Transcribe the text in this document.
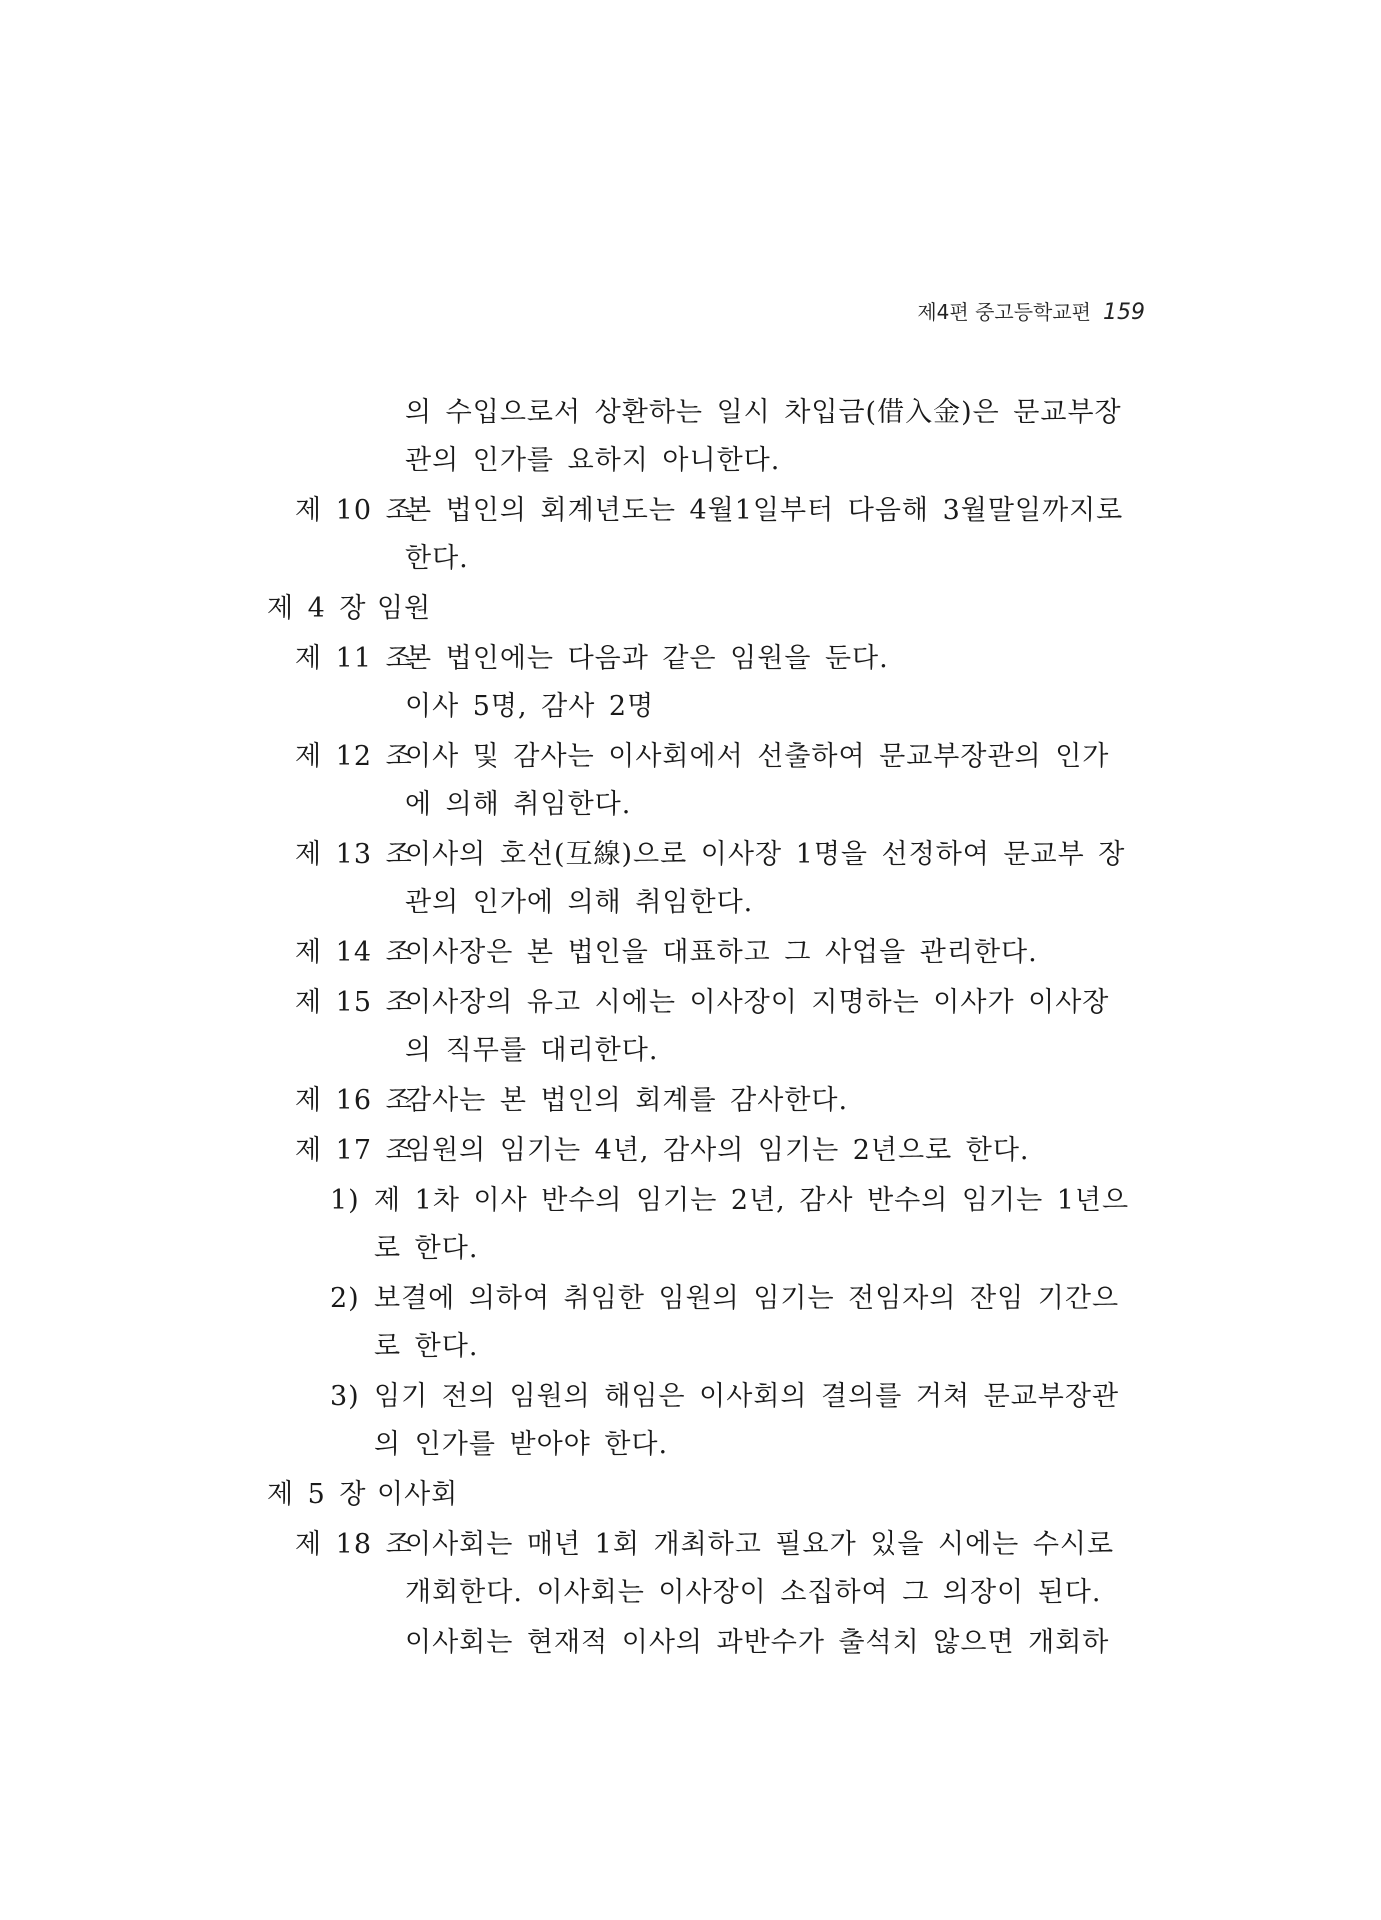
제4편 중고등학교편 159
의 수입으로서 상환하는 일시 차입금(借入金)은 문교부장
관의 인가를 요하지 아니한다.
제 10 조본 법인의 회계년도는 4월1일부터 다음해 3월말일까지로
한다.
제 4 장 임원
제 11 조본 법인에는 다음과 같은 임원을 둔다.
이사 5명, 감사 2명
제 12 조이사 및 감사는 이사회에서 선출하여 문교부장관의 인가
에 의해 취임한다.
제 13 조이사의 호선(互線)으로 이사장 1명을 선정하여 문교부 장
관의 인가에 의해 취임한다.
제 14 조이사장은 본 법인을 대표하고 그 사업을 관리한다.
제 15 조이사장의 유고 시에는 이사장이 지명하는 이사가 이사장
의 직무를 대리한다.
제 16 조감사는 본 법인의 회계를 감사한다.
제 17 조임원의 임기는 4년, 감사의 임기는 2년으로 한다.
1) 제 1차 이사 반수의 임기는 2년, 감사 반수의 임기는 1년으
로 한다.
2) 보결에 의하여 취임한 임원의 임기는 전임자의 잔임 기간으
로 한다.
3) 임기 전의 임원의 해임은 이사회의 결의를 거쳐 문교부장관
의 인가를 받아야 한다.
제 5 장 이사회
제 18 조이사회는 매년 1회 개최하고 필요가 있을 시에는 수시로
개회한다. 이사회는 이사장이 소집하여 그 의장이 된다.
이사회는 현재적 이사의 과반수가 출석치 않으면 개회하
